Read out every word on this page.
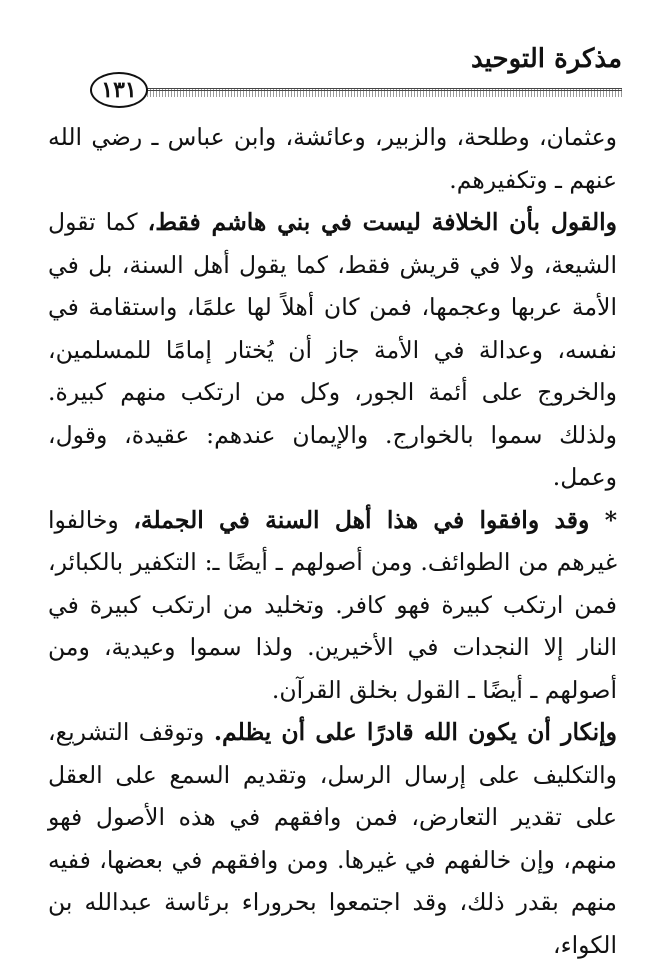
مذكرة التوحيد
١٣١

وعثمان، وطلحة، والزبير، وعائشة، وابن عباس ـ رضي الله عنهم ـ وتكفيرهم.

والقول بأن الخلافة ليست في بني هاشم فقط، كما تقول الشيعة، ولا في قريش فقط، كما يقول أهل السنة، بل في الأمة عربها وعجمها، فمن كان أهلاً لها علمًا، واستقامة في نفسه، وعدالة في الأمة جاز أن يُختار إمامًا للمسلمين، والخروج على أئمة الجور، وكل من ارتكب منهم كبيرة. ولذلك سموا بالخوارج. والإيمان عندهم: عقيدة، وقول، وعمل.

* وقد وافقوا في هذا أهل السنة في الجملة، وخالفوا غيرهم من الطوائف. ومن أصولهم ـ أيضًا ـ: التكفير بالكبائر، فمن ارتكب كبيرة فهو كافر. وتخليد من ارتكب كبيرة في النار إلا النجدات في الأخيرين. ولذا سموا وعيدية، ومن أصولهم ـ أيضًا ـ القول بخلق القرآن.

وإنكار أن يكون الله قادرًا على أن يظلم. وتوقف التشريع، والتكليف على إرسال الرسل، وتقديم السمع على العقل على تقدير التعارض، فمن وافقهم في هذه الأصول فهو منهم، وإن خالفهم في غيرها. ومن وافقهم في بعضها، ففيه منهم بقدر ذلك، وقد اجتمعوا بحروراء برئاسة عبدالله بن الكواء،
